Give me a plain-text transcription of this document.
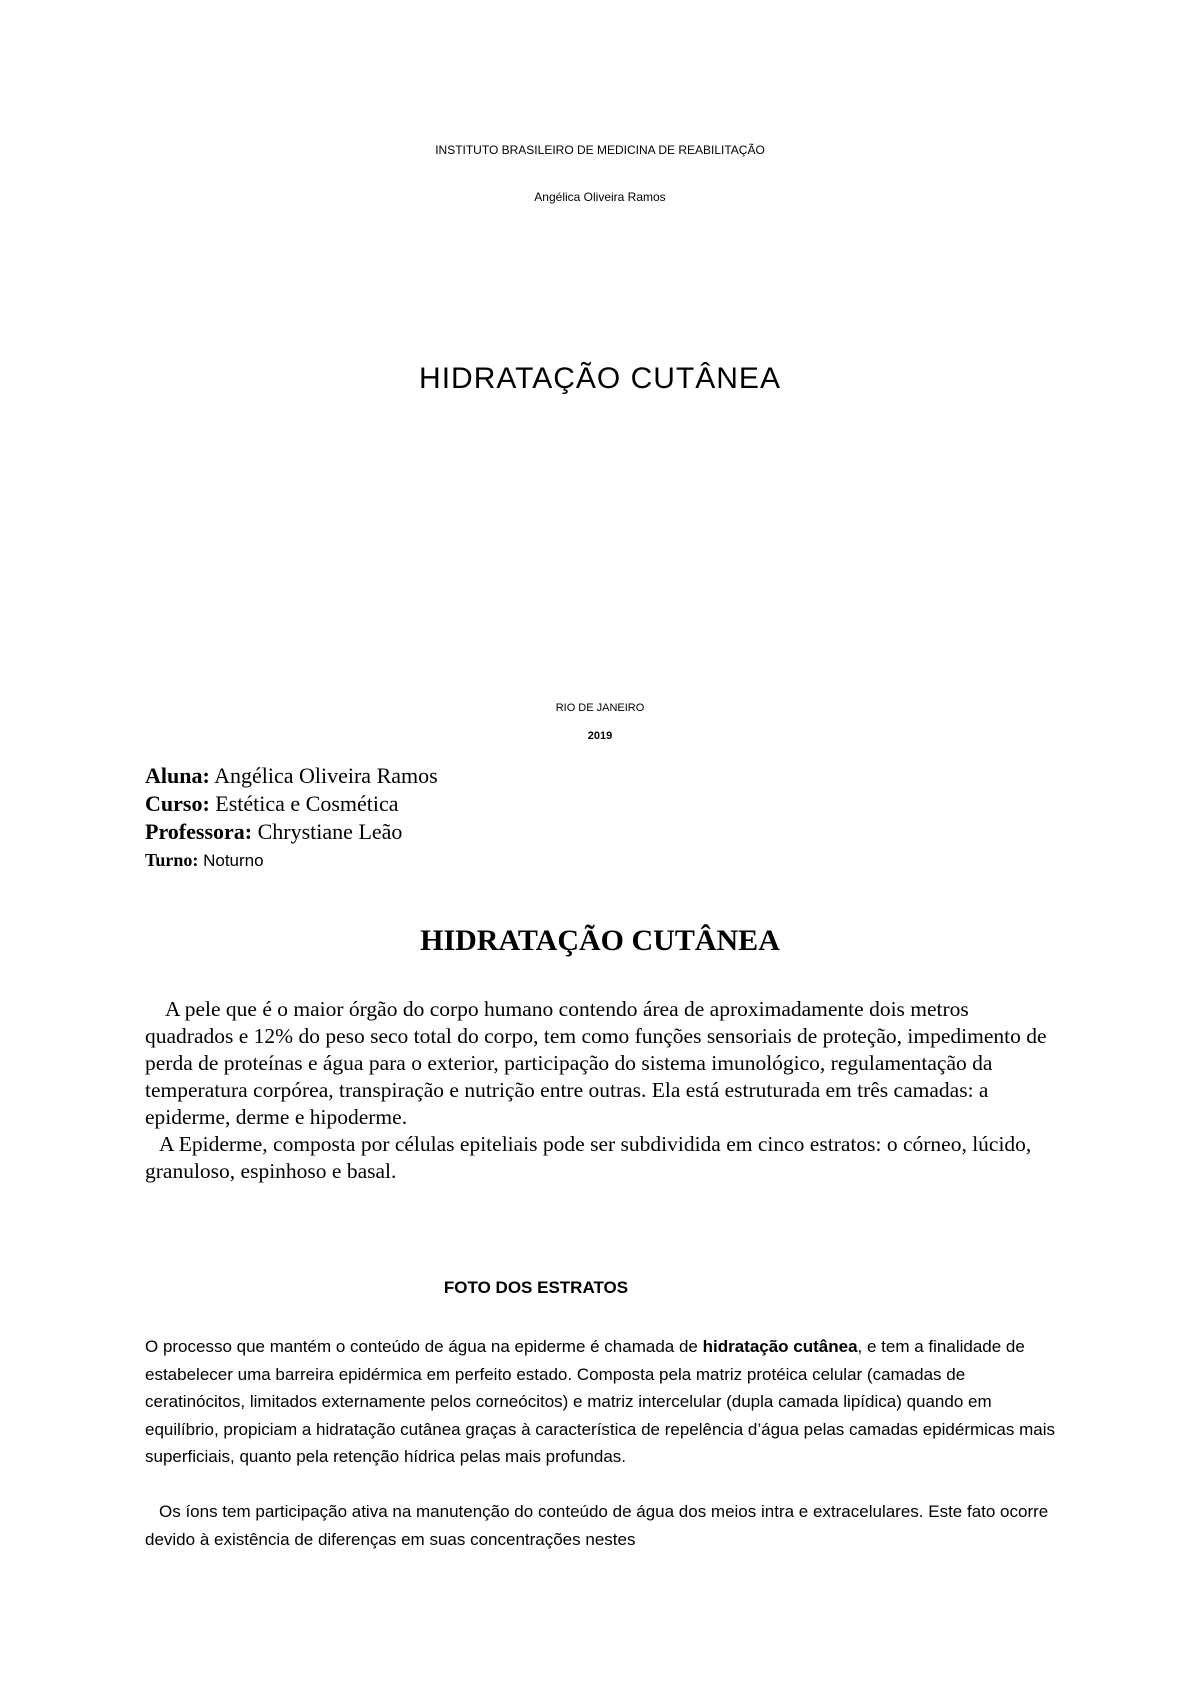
INSTITUTO BRASILEIRO DE MEDICINA DE REABILITAÇÃO

Angélica Oliveira Ramos

HIDRATAÇÃO CUTÂNEA

RIO DE JANEIRO

2019

Aluna: Angélica Oliveira Ramos

Curso: Estética e Cosmética

Professora: Chrystiane Leão

Turno: Noturno

HIDRATAÇÃO CUTÂNEA

A pele que é o maior órgão do corpo humano contendo área de aproximadamente dois metros quadrados e 12% do peso seco total do corpo, tem como funções sensoriais de proteção, impedimento de perda de proteínas e água para o exterior, participação do sistema imunológico, regulamentação da temperatura corpórea, transpiração e nutrição entre outras. Ela está estruturada em três camadas: a epiderme, derme e hipoderme.

A Epiderme, composta por células epiteliais pode ser subdividida em cinco estratos: o córneo, lúcido, granuloso, espinhoso e basal.

FOTO DOS ESTRATOS

O processo que mantém o conteúdo de água na epiderme é chamada de hidratação cutânea, e tem a finalidade de estabelecer uma barreira epidérmica em perfeito estado. Composta pela matriz protéica celular (camadas de ceratinócitos, limitados externamente pelos corneócitos) e matriz intercelular (dupla camada lipídica) quando em equilíbrio, propiciam a hidratação cutânea graças à característica de repelência d’água pelas camadas epidérmicas mais superficiais, quanto pela retenção hídrica pelas mais profundas.

Os íons tem participação ativa na manutenção do conteúdo de água dos meios intra e extracelulares. Este fato ocorre devido à existência de diferenças em suas concentrações nestes
